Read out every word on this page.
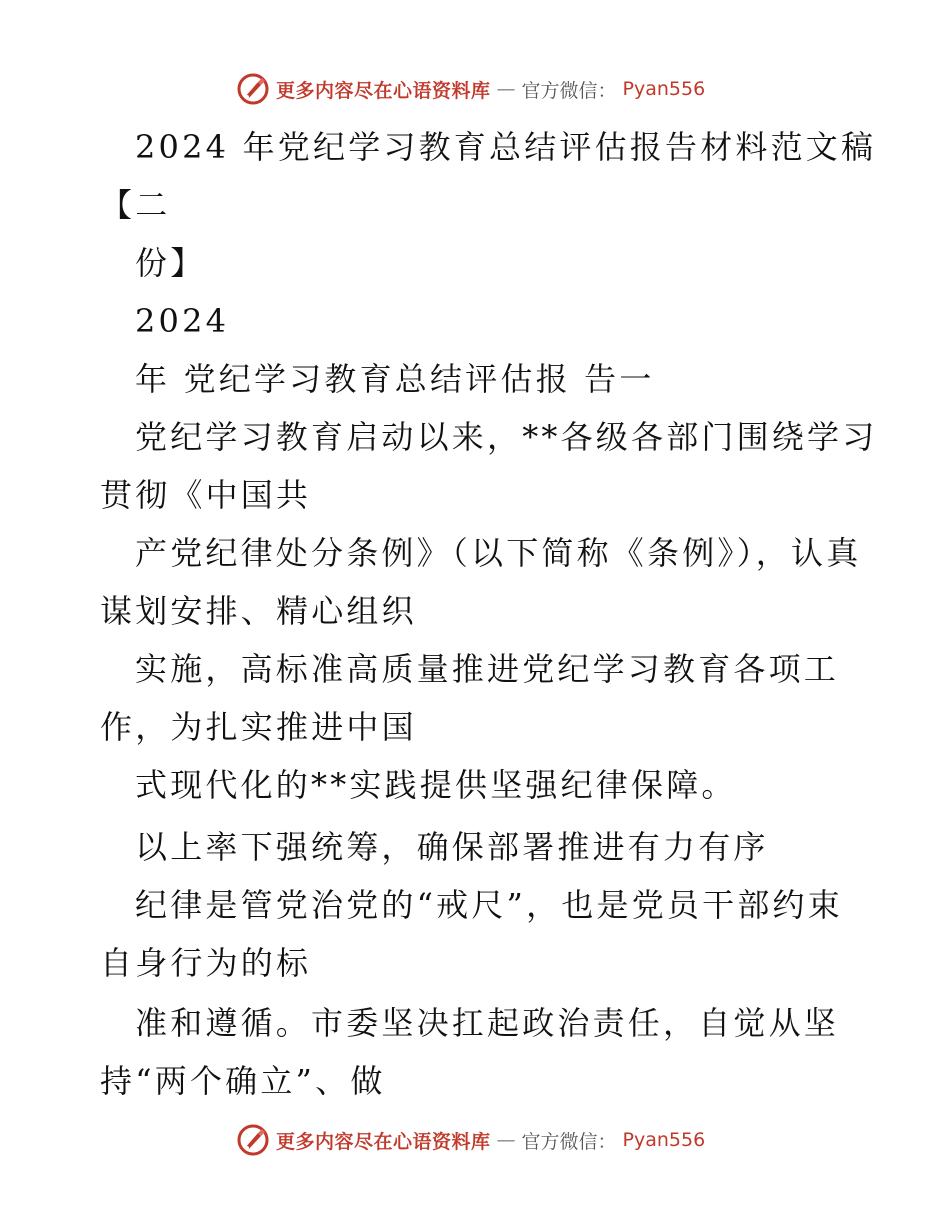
更多内容尽在心语资料库 — 官方微信： Pyan556
2024 年党纪学习教育总结评估报告材料范文稿
【二
份】
2024
年 党纪学习教育总结评估报 告一
党纪学习教育启动以来，**各级各部门围绕学习
贯彻《中国共
产党纪律处分条例》（以下简称《条例》），认真
谋划安排、精心组织
实施，高标准高质量推进党纪学习教育各项工
作，为扎实推进中国
式现代化的**实践提供坚强纪律保障。
以上率下强统筹，确保部署推进有力有序
纪律是管党治党的“戒尺”，也是党员干部约束
自身行为的标
准和遵循。市委坚决扛起政治责任，自觉从坚
持“两个确立”、做
更多内容尽在心语资料库 — 官方微信： Pyan556
